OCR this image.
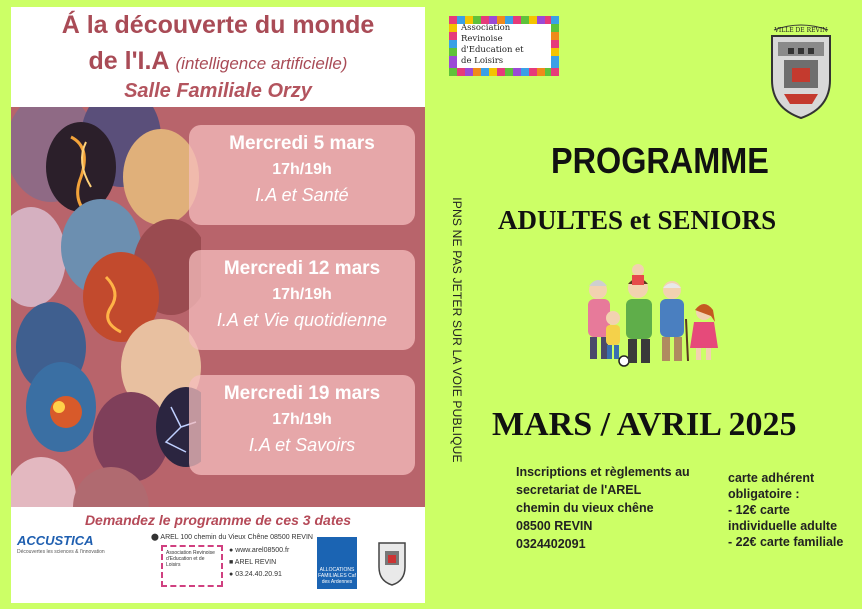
Á la découverte du monde
de l'I.A (intelligence artificielle)
Salle Familiale Orzy
Mercredi 5 mars
17h/19h
I.A et Santé
Mercredi 12 mars
17h/19h
I.A et Vie quotidienne
Mercredi 19 mars
17h/19h
I.A et Savoirs
Demandez le programme de ces 3 dates
ACCUSTICA
Découvertes les sciences & l'innovation
⬤ AREL 100 chemin du Vieux Chêne 08500 REVIN
Association Revinoise d'Education et de Loisirs
● www.arel08500.fr
■ AREL REVIN
● 03.24.40.20.91
ALLOCATIONS FAMILIALES Caf des Ardennes
IPNS NE PAS JETER SUR LA VOIE PUBLIQUE
Association
Revinoise
d'Education et
de Loisirs
VILLE DE REVIN
PROGRAMME
ADULTES et SENIORS
MARS / AVRIL 2025
Inscriptions et règlements au
secretariat de l'AREL
chemin du vieux chêne
08500 REVIN
0324402091
carte adhérent
obligatoire :
- 12€ carte
individuelle adulte
- 22€ carte familiale
